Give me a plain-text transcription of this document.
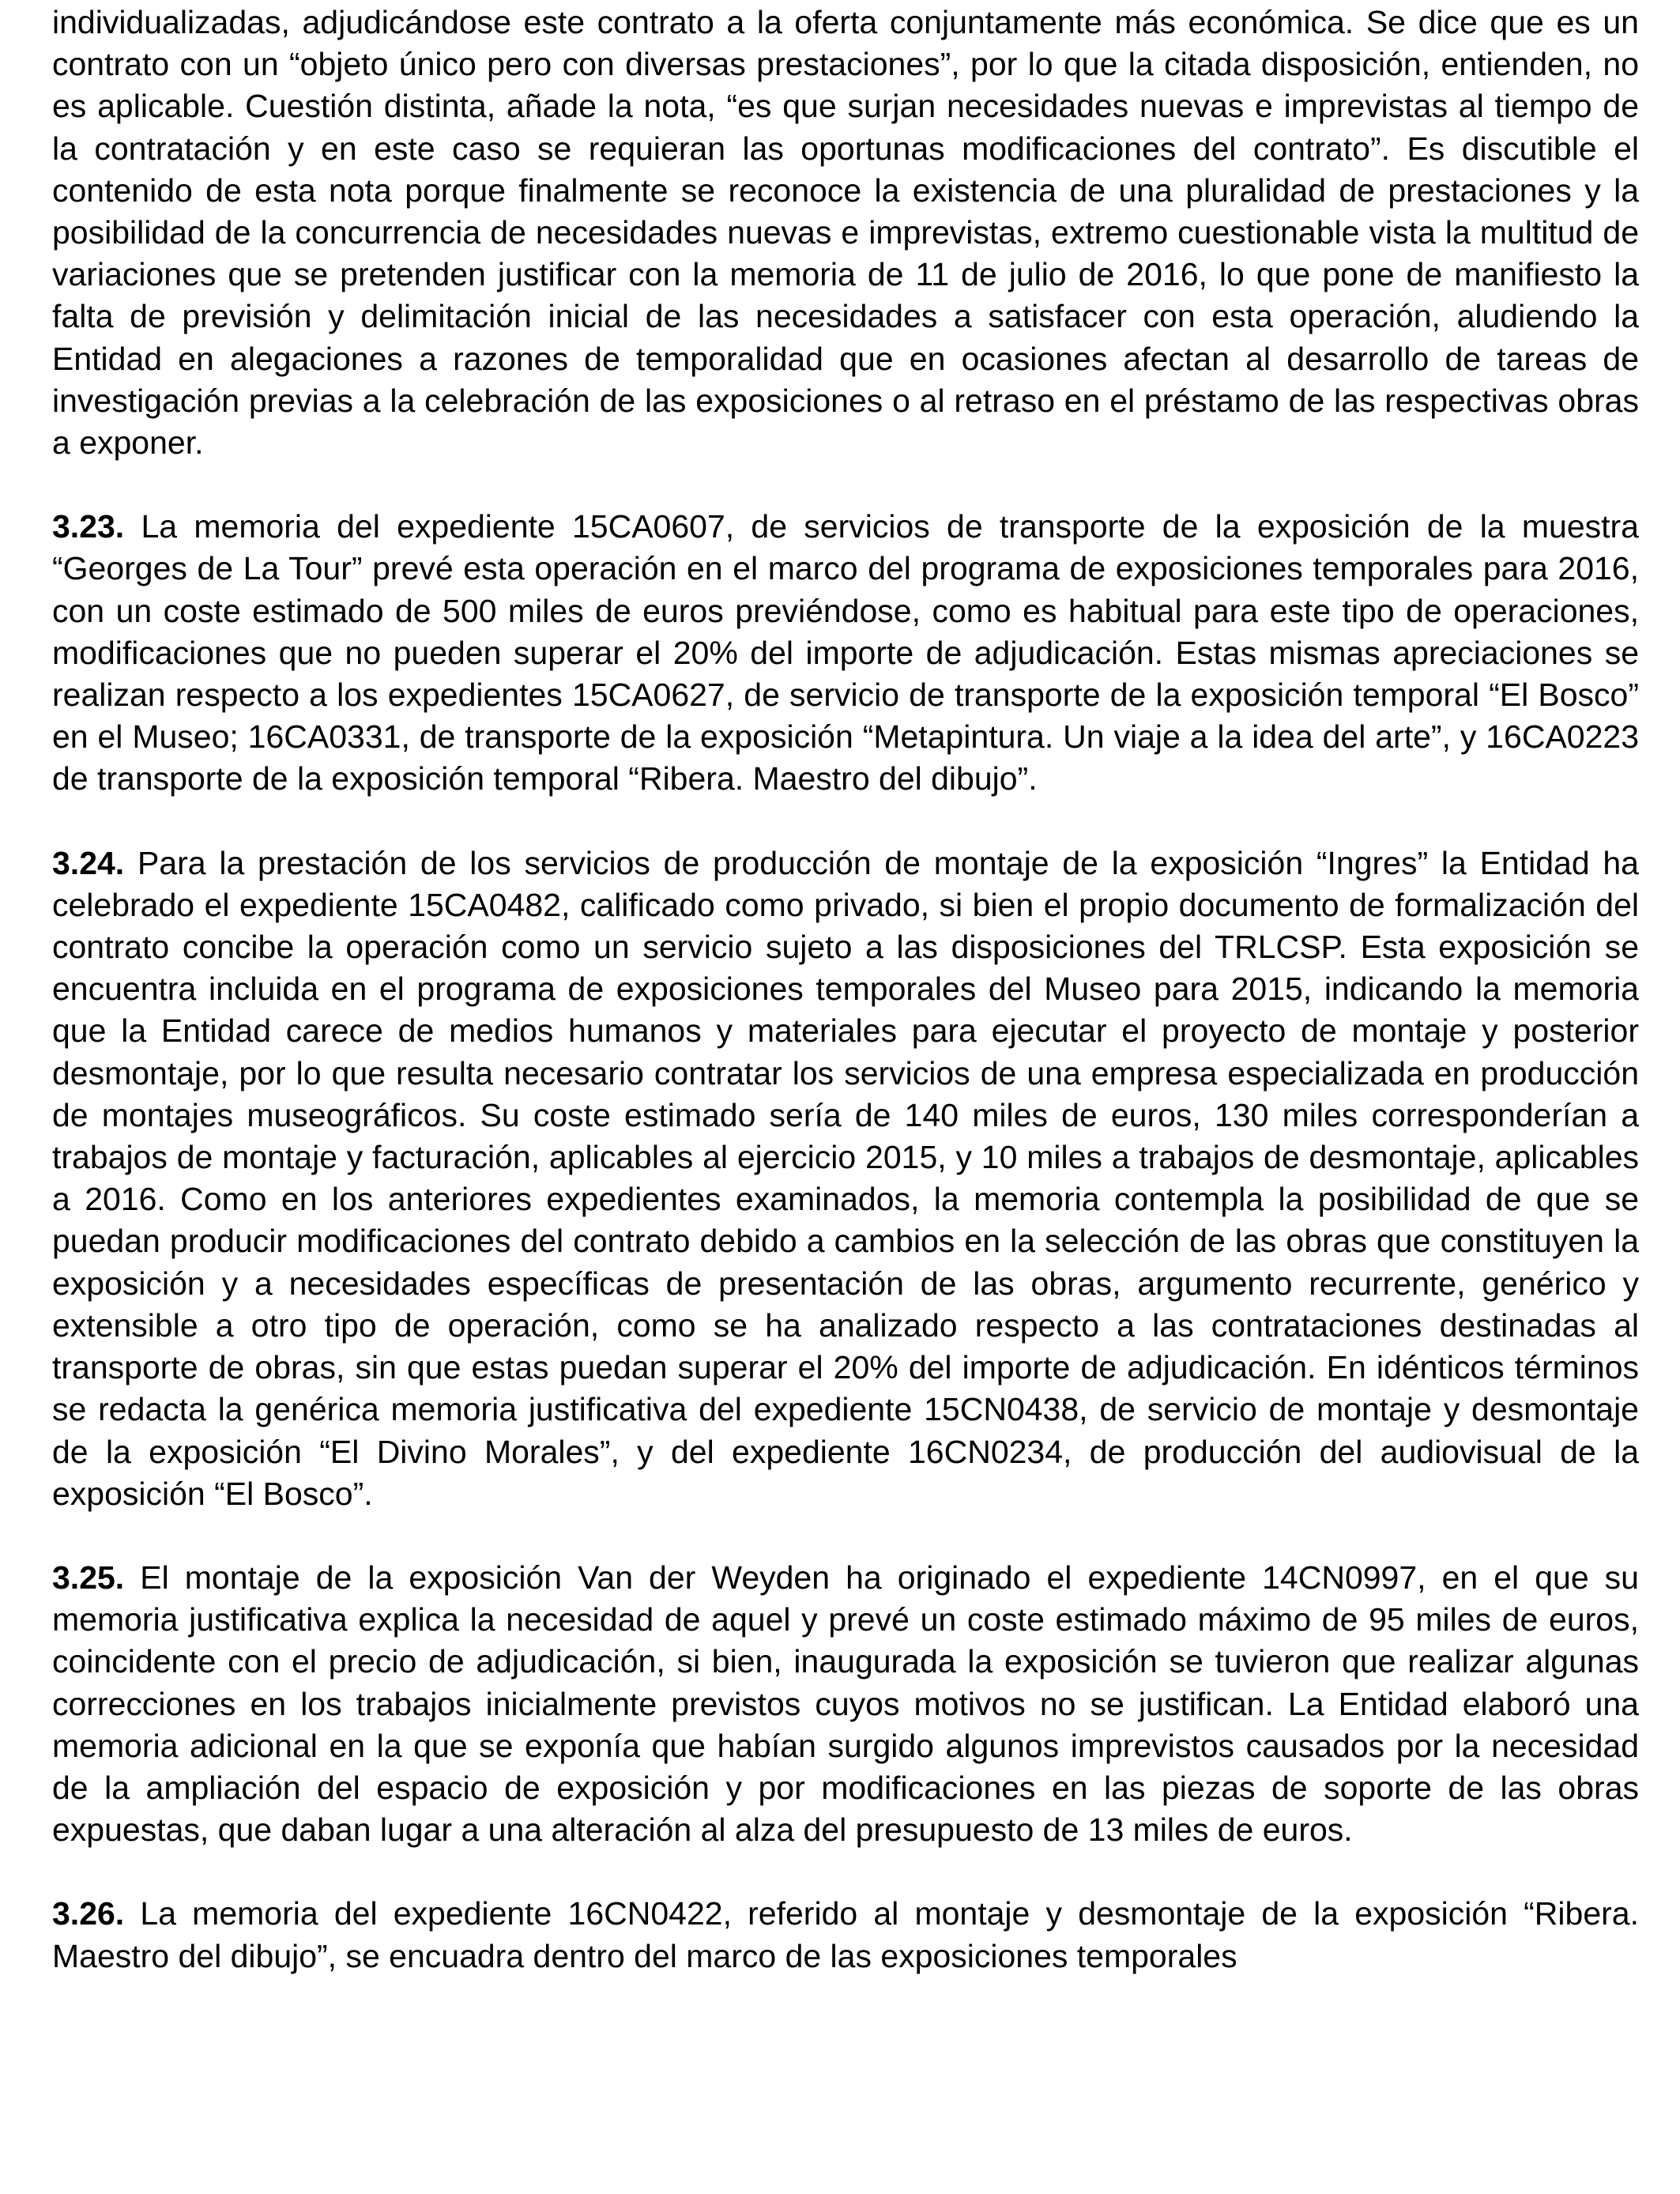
individualizadas, adjudicándose este contrato a la oferta conjuntamente más económica. Se dice que es un contrato con un “objeto único pero con diversas prestaciones”, por lo que la citada disposición, entienden, no es aplicable. Cuestión distinta, añade la nota, “es que surjan necesidades nuevas e imprevistas al tiempo de la contratación y en este caso se requieran las oportunas modificaciones del contrato”. Es discutible el contenido de esta nota porque finalmente se reconoce la existencia de una pluralidad de prestaciones y la posibilidad de la concurrencia de necesidades nuevas e imprevistas, extremo cuestionable vista la multitud de variaciones que se pretenden justificar con la memoria de 11 de julio de 2016, lo que pone de manifiesto la falta de previsión y delimitación inicial de las necesidades a satisfacer con esta operación, aludiendo la Entidad en alegaciones a razones de temporalidad que en ocasiones afectan al desarrollo de tareas de investigación previas a la celebración de las exposiciones o al retraso en el préstamo de las respectivas obras a exponer.

3.23. La memoria del expediente 15CA0607, de servicios de transporte de la exposición de la muestra “Georges de La Tour” prevé esta operación en el marco del programa de exposiciones temporales para 2016, con un coste estimado de 500 miles de euros previéndose, como es habitual para este tipo de operaciones, modificaciones que no pueden superar el 20% del importe de adjudicación. Estas mismas apreciaciones se realizan respecto a los expedientes 15CA0627, de servicio de transporte de la exposición temporal “El Bosco” en el Museo; 16CA0331, de transporte de la exposición “Metapintura. Un viaje a la idea del arte”, y 16CA0223 de transporte de la exposición temporal “Ribera. Maestro del dibujo”.

3.24. Para la prestación de los servicios de producción de montaje de la exposición “Ingres” la Entidad ha celebrado el expediente 15CA0482, calificado como privado, si bien el propio documento de formalización del contrato concibe la operación como un servicio sujeto a las disposiciones del TRLCSP. Esta exposición se encuentra incluida en el programa de exposiciones temporales del Museo para 2015, indicando la memoria que la Entidad carece de medios humanos y materiales para ejecutar el proyecto de montaje y posterior desmontaje, por lo que resulta necesario contratar los servicios de una empresa especializada en producción de montajes museográficos. Su coste estimado sería de 140 miles de euros, 130 miles corresponderían a trabajos de montaje y facturación, aplicables al ejercicio 2015, y 10 miles a trabajos de desmontaje, aplicables a 2016. Como en los anteriores expedientes examinados, la memoria contempla la posibilidad de que se puedan producir modificaciones del contrato debido a cambios en la selección de las obras que constituyen la exposición y a necesidades específicas de presentación de las obras, argumento recurrente, genérico y extensible a otro tipo de operación, como se ha analizado respecto a las contrataciones destinadas al transporte de obras, sin que estas puedan superar el 20% del importe de adjudicación. En idénticos términos se redacta la genérica memoria justificativa del expediente 15CN0438, de servicio de montaje y desmontaje de la exposición “El Divino Morales”, y del expediente 16CN0234, de producción del audiovisual de la exposición “El Bosco”.

3.25. El montaje de la exposición Van der Weyden ha originado el expediente 14CN0997, en el que su memoria justificativa explica la necesidad de aquel y prevé un coste estimado máximo de 95 miles de euros, coincidente con el precio de adjudicación, si bien, inaugurada la exposición se tuvieron que realizar algunas correcciones en los trabajos inicialmente previstos cuyos motivos no se justifican. La Entidad elaboró una memoria adicional en la que se exponía que habían surgido algunos imprevistos causados por la necesidad de la ampliación del espacio de exposición y por modificaciones en las piezas de soporte de las obras expuestas, que daban lugar a una alteración al alza del presupuesto de 13 miles de euros.

3.26. La memoria del expediente 16CN0422, referido al montaje y desmontaje de la exposición “Ribera. Maestro del dibujo”, se encuadra dentro del marco de las exposiciones temporales
